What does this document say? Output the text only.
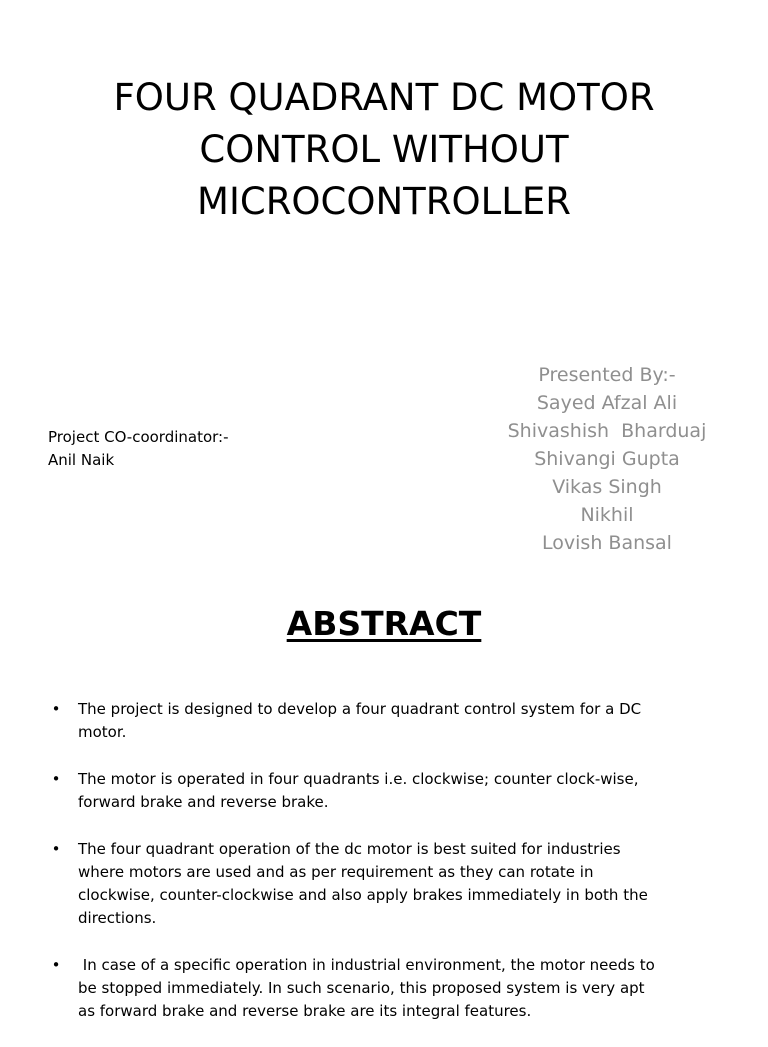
FOUR QUADRANT DC MOTOR
CONTROL WITHOUT
MICROCONTROLLER
Project CO-coordinator:-
Anil Naik
Presented By:-
Sayed Afzal Ali
Shivashish  Bharduaj
Shivangi Gupta
Vikas Singh
Nikhil
Lovish Bansal
ABSTRACT
• The project is designed to develop a four quadrant control system for a DC
motor.
• The motor is operated in four quadrants i.e. clockwise; counter clock-wise,
forward brake and reverse brake.
• The four quadrant operation of the dc motor is best suited for industries
where motors are used and as per requirement as they can rotate in
clockwise, counter-clockwise and also apply brakes immediately in both the
directions.
• In case of a specific operation in industrial environment, the motor needs to
be stopped immediately. In such scenario, this proposed system is very apt
as forward brake and reverse brake are its integral features.
